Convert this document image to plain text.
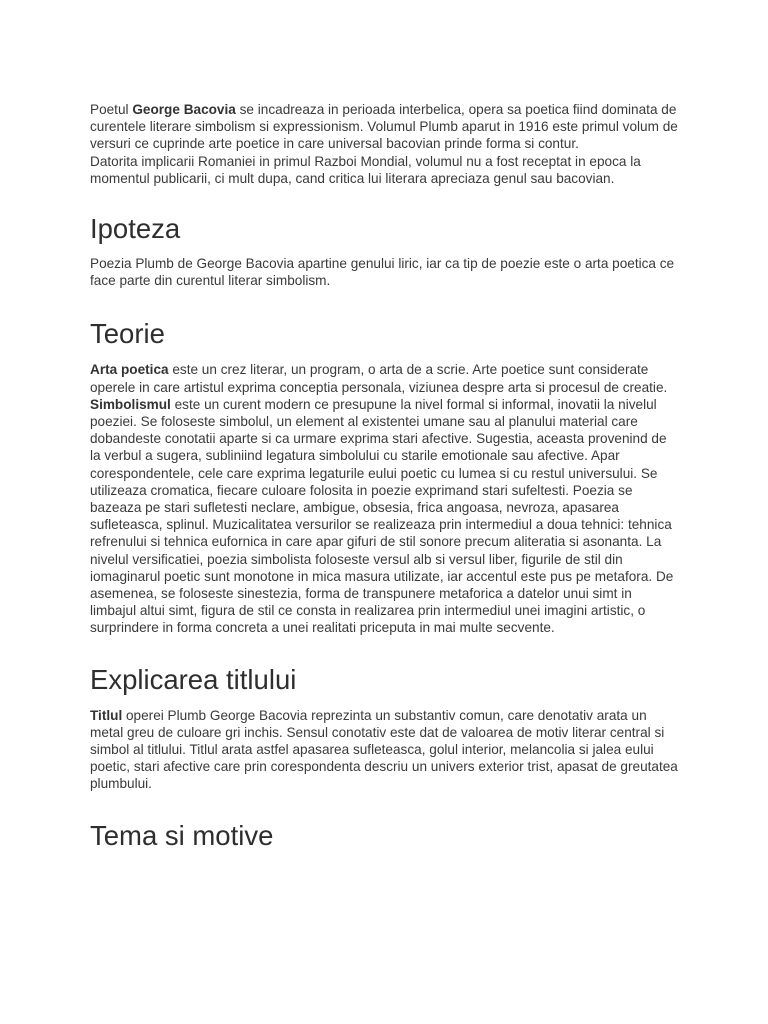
Poetul George Bacovia se incadreaza in perioada interbelica, opera sa poetica fiind dominata de curentele literare simbolism si expressionism. Volumul Plumb aparut in 1916 este primul volum de versuri ce cuprinde arte poetice in care universal bacovian prinde forma si contur.

Datorita implicarii Romaniei in primul Razboi Mondial, volumul nu a fost receptat in epoca la momentul publicarii, ci mult dupa, cand critica lui literara apreciaza genul sau bacovian.

Ipoteza

Poezia Plumb de George Bacovia apartine genului liric, iar ca tip de poezie este o arta poetica ce face parte din curentul literar simbolism.

Teorie

Arta poetica este un crez literar, un program, o arta de a scrie. Arte poetice sunt considerate operele in care artistul exprima conceptia personala, viziunea despre arta si procesul de creatie.

Simbolismul este un curent modern ce presupune la nivel formal si informal, inovatii la nivelul poeziei. Se foloseste simbolul, un element al existentei umane sau al planului material care dobandeste conotatii aparte si ca urmare exprima stari afective. Sugestia, aceasta provenind de la verbul a sugera, subliniind legatura simbolului cu starile emotionale sau afective. Apar corespondentele, cele care exprima legaturile eului poetic cu lumea si cu restul universului. Se utilizeaza cromatica, fiecare culoare folosita in poezie exprimand stari sufeltesti. Poezia se bazeaza pe stari sufletesti neclare, ambigue, obsesia, frica angoasa, nevroza, apasarea sufleteasca, splinul. Muzicalitatea versurilor se realizeaza prin intermediul a doua tehnici: tehnica refrenului si tehnica eufornica in care apar gifuri de stil sonore precum aliteratia si asonanta. La nivelul versificatiei, poezia simbolista foloseste versul alb si versul liber, figurile de stil din iomaginarul poetic sunt monotone in mica masura utilizate, iar accentul este pus pe metafora. De asemenea, se foloseste sinestezia, forma de transpunere metaforica a datelor unui simt in limbajul altui simt, figura de stil ce consta in realizarea prin intermediul unei imagini artistic, o surprindere in forma concreta a unei realitati priceputa in mai multe secvente.

Explicarea titlului

Titlul operei Plumb George Bacovia reprezinta un substantiv comun, care denotativ arata un metal greu de culoare gri inchis. Sensul conotativ este dat de valoarea de motiv literar central si simbol al titlului. Titlul arata astfel apasarea sufleteasca, golul interior, melancolia si jalea eului poetic, stari afective care prin corespondenta descriu un univers exterior trist, apasat de greutatea plumbului.

Tema si motive
